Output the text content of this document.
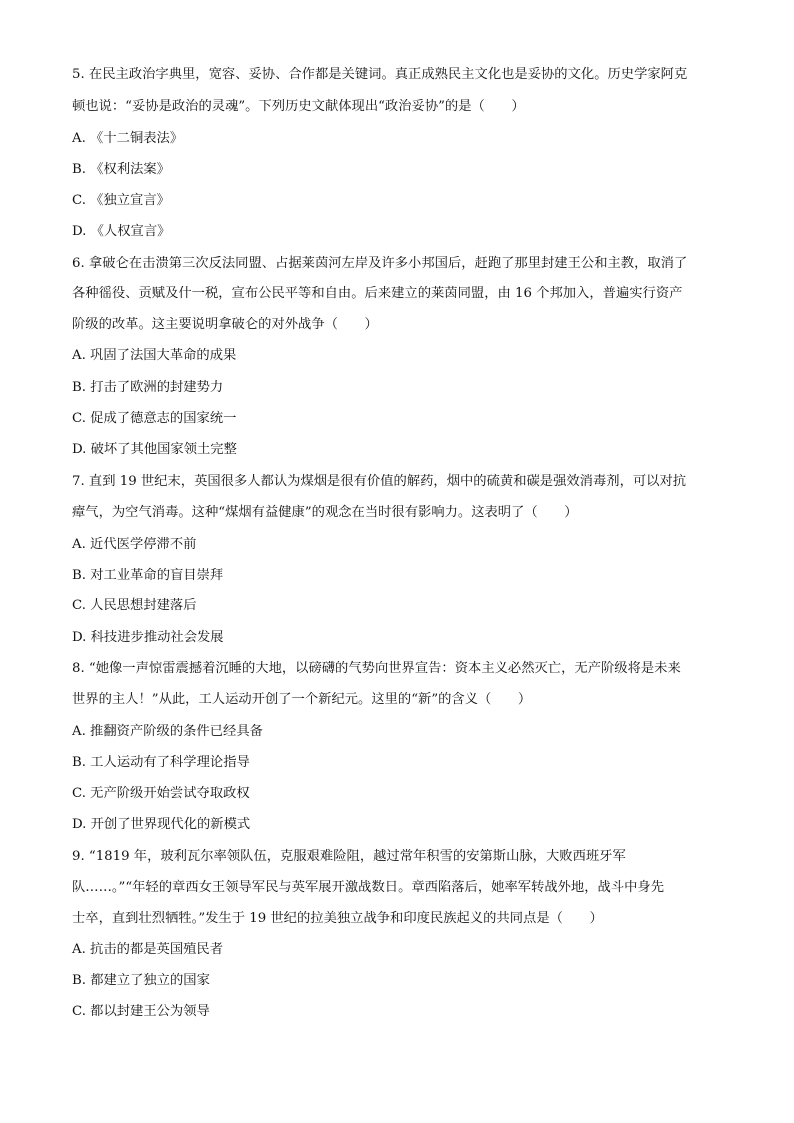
5. 在民主政治字典里，宽容、妥协、合作都是关键词。真正成熟民主文化也是妥协的文化。历史学家阿克
顿也说：“妥协是政治的灵魂”。下列历史文献体现出“政治妥协”的是（　　）
A. 《十二铜表法》
B. 《权利法案》
C. 《独立宣言》
D. 《人权宣言》
6. 拿破仑在击溃第三次反法同盟、占据莱茵河左岸及许多小邦国后，赶跑了那里封建王公和主教，取消了
各种徭役、贡赋及什一税，宣布公民平等和自由。后来建立的莱茵同盟，由 16 个邦加入，普遍实行资产
阶级的改革。这主要说明拿破仑的对外战争（　　）
A. 巩固了法国大革命的成果
B. 打击了欧洲的封建势力
C. 促成了德意志的国家统一
D. 破坏了其他国家领土完整
7. 直到 19 世纪末，英国很多人都认为煤烟是很有价值的解药，烟中的硫黄和碳是强效消毒剂，可以对抗
瘴气，为空气消毒。这种“煤烟有益健康”的观念在当时很有影响力。这表明了（　　）
A. 近代医学停滞不前
B. 对工业革命的盲目崇拜
C. 人民思想封建落后
D. 科技进步推动社会发展
8. “她像一声惊雷震撼着沉睡的大地，以磅礴的气势向世界宣告：资本主义必然灭亡，无产阶级将是未来
世界的主人！”从此，工人运动开创了一个新纪元。这里的“新”的含义（　　）
A. 推翻资产阶级的条件已经具备
B. 工人运动有了科学理论指导
C. 无产阶级开始尝试夺取政权
D. 开创了世界现代化的新模式
9. “1819 年，玻利瓦尔率领队伍，克服艰难险阻，越过常年积雪的安第斯山脉，大败西班牙军
队……。”“年轻的章西女王领导军民与英军展开激战数日。章西陷落后，她率军转战外地，战斗中身先
士卒，直到壮烈牺牲。”发生于 19 世纪的拉美独立战争和印度民族起义的共同点是（　　）
A. 抗击的都是英国殖民者
B. 都建立了独立的国家
C. 都以封建王公为领导
